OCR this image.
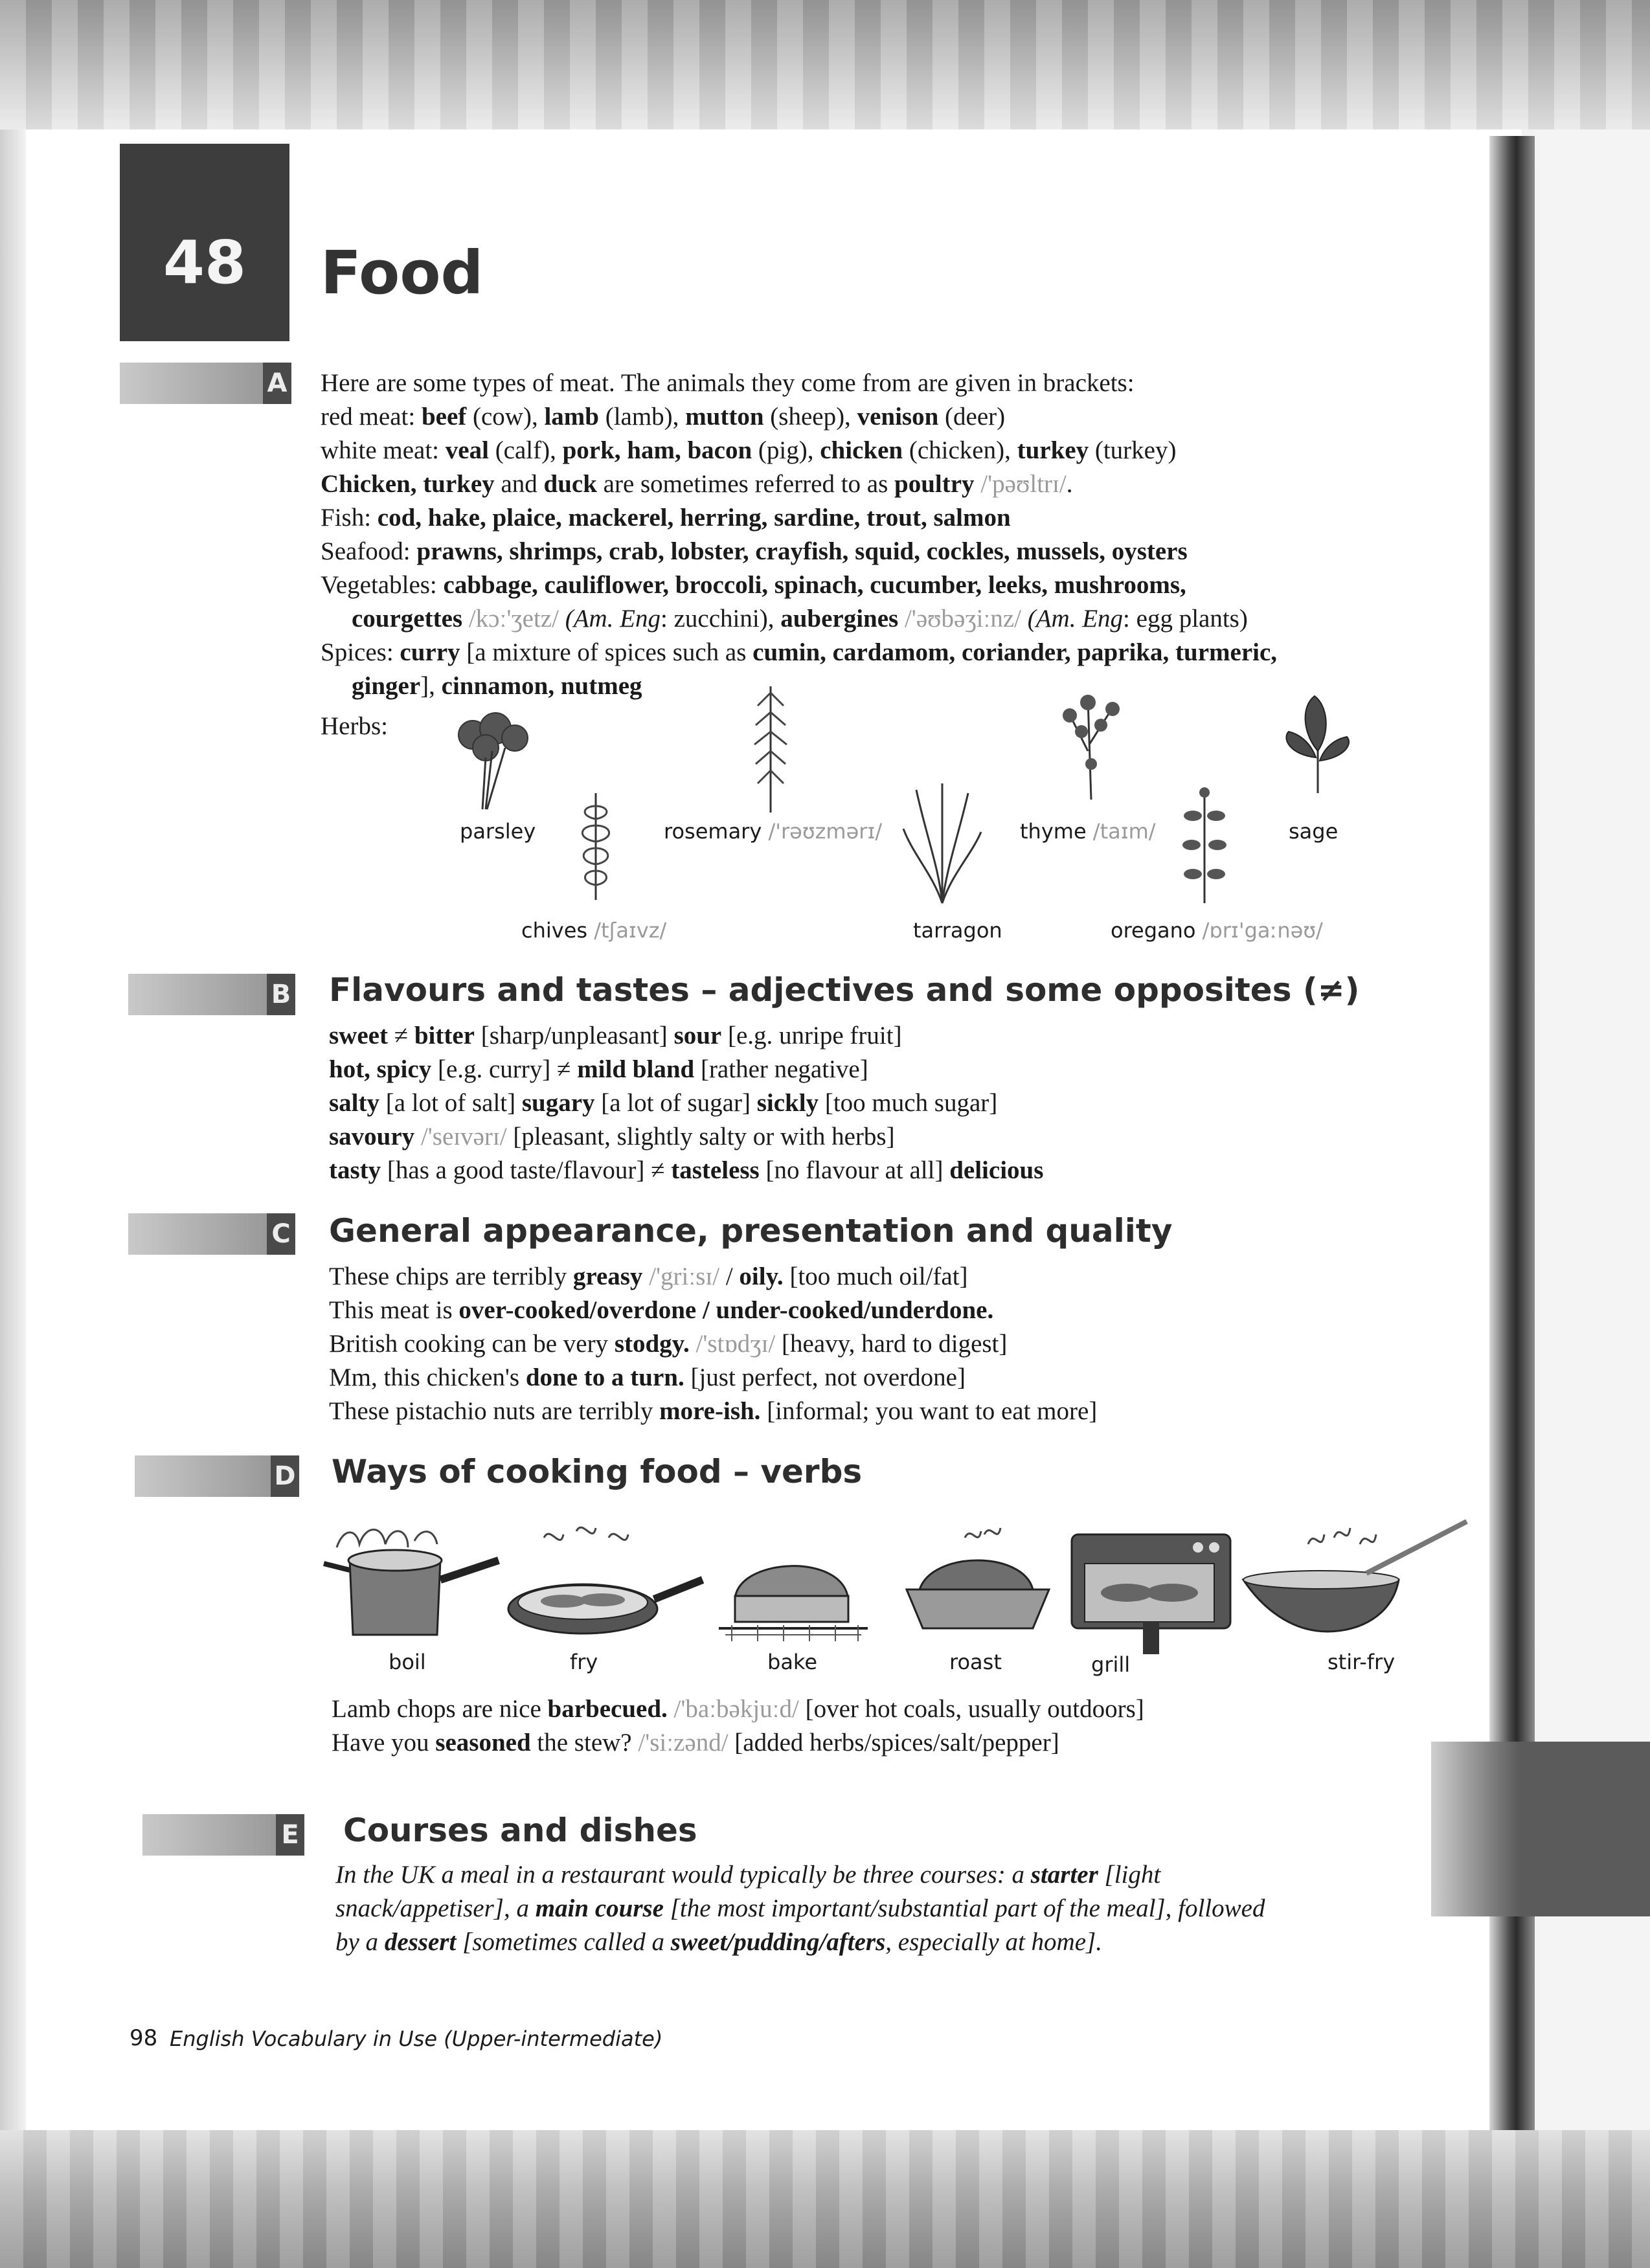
48	Food
A Here are some types of meat. The animals they come from are given in brackets:
red meat: beef (cow), lamb (lamb), mutton (sheep), venison (deer)
white meat: veal (calf), pork, ham, bacon (pig), chicken (chicken), turkey (turkey)
Chicken, turkey and duck are sometimes referred to as poultry /'pəʊltrɪ/.
Fish: cod, hake, plaice, mackerel, herring, sardine, trout, salmon
Seafood: prawns, shrimps, crab, lobster, crayfish, squid, cockles, mussels, oysters
Vegetables: cabbage, cauliflower, broccoli, spinach, cucumber, leeks, mushrooms,
courgettes /kɔː'ʒetz/ (Am. Eng: zucchini), aubergines /'əʊbəʒiːnz/ (Am. Eng: egg plants)
Spices: curry [a mixture of spices such as cumin, cardamom, coriander, paprika, turmeric,
ginger], cinnamon, nutmeg
Herbs:
parsley	rosemary /'rəʊzmərɪ/	thyme /taɪm/	sage
chives /tʃaɪvz/	tarragon	oregano /ɒrɪ'gaːnəʊ/
B Flavours and tastes – adjectives and some opposites (≠)
sweet ≠ bitter [sharp/unpleasant] sour [e.g. unripe fruit]
hot, spicy [e.g. curry] ≠ mild bland [rather negative]
salty [a lot of salt] sugary [a lot of sugar] sickly [too much sugar]
savoury /'seɪvərɪ/ [pleasant, slightly salty or with herbs]
tasty [has a good taste/flavour] ≠ tasteless [no flavour at all] delicious
C General appearance, presentation and quality
These chips are terribly greasy /'griːsɪ/ / oily. [too much oil/fat]
This meat is over-cooked/overdone / under-cooked/underdone.
British cooking can be very stodgy. /'stɒdʒɪ/ [heavy, hard to digest]
Mm, this chicken's done to a turn. [just perfect, not overdone]
These pistachio nuts are terribly more-ish. [informal; you want to eat more]
D Ways of cooking food – verbs
boil	fry	bake	roast	grill	stir-fry
Lamb chops are nice barbecued. /'baːbəkjuːd/ [over hot coals, usually outdoors]
Have you seasoned the stew? /'siːzənd/ [added herbs/spices/salt/pepper]
E Courses and dishes
In the UK a meal in a restaurant would typically be three courses: a starter [light
snack/appetiser], a main course [the most important/substantial part of the meal], followed
by a dessert [sometimes called a sweet/pudding/afters, especially at home].
98 English Vocabulary in Use (Upper-intermediate)
